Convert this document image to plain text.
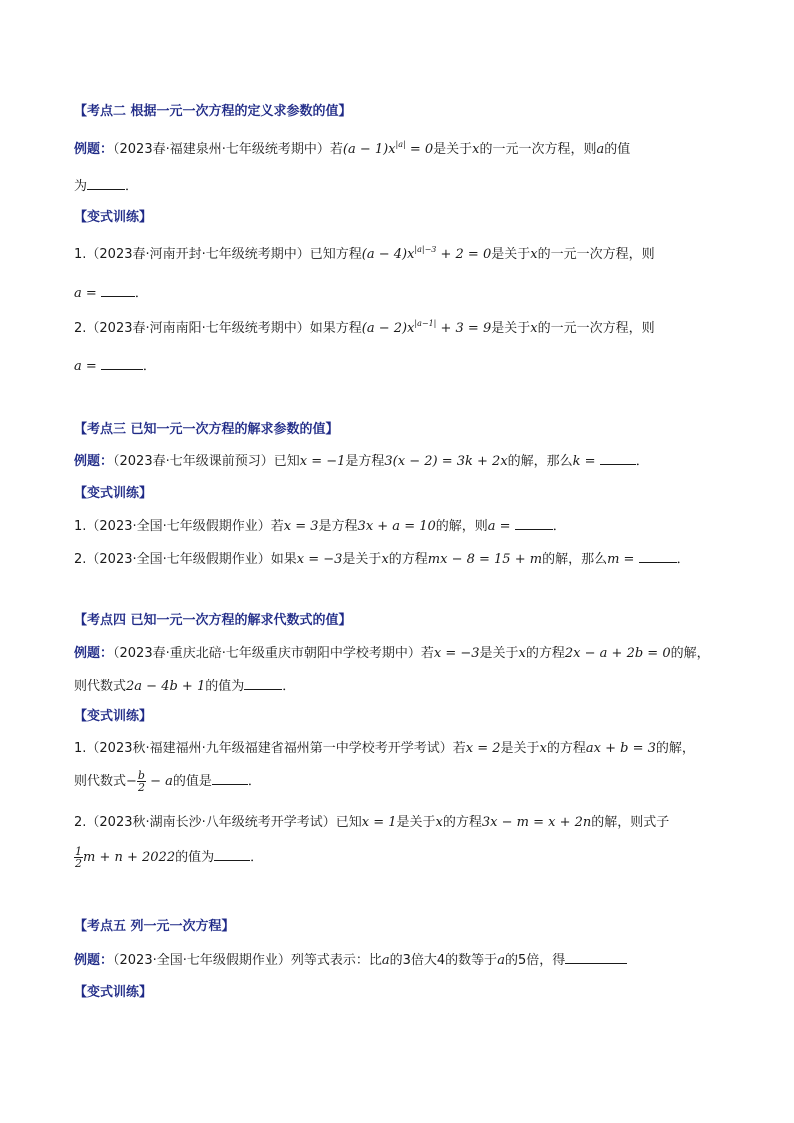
【考点二 根据一元一次方程的定义求参数的值】
例题：（2023春·福建泉州·七年级统考期中）若$(a - 1)x^{|a|} = 0$是关于x的一元一次方程，则a的值
为	．
【变式训练】
1.（2023春·河南开封·七年级统考期中）已知方程$(a - 4)x^{|a|-3} + 2 = 0$是关于x的一元一次方程，则
a =	．
2.（2023春·河南南阳·七年级统考期中）如果方程$(a - 2)x^{|a-1|} + 3 = 9$是关于x的一元一次方程，则
a =	．
【考点三 已知一元一次方程的解求参数的值】
例题：（2023春·七年级课前预习）已知x = −1是方程3(x − 2) = 3k + 2x的解，那么k =	．
【变式训练】
1.（2023·全国·七年级假期作业）若x = 3是方程3x + a = 10的解，则a =	．
2.（2023·全国·七年级假期作业）如果x = −3是关于x的方程mx − 8 = 15 + m的解，那么m =	．
【考点四 已知一元一次方程的解求代数式的值】
例题：（2023春·重庆北碚·七年级重庆市朝阳中学校考期中）若x = −3是关于x的方程2x − a + 2b = 0的解，
则代数式2a − 4b + 1的值为	．
【变式训练】
1.（2023秋·福建福州·九年级福建省福州第一中学校考开学考试）若x = 2是关于x的方程ax + b = 3的解，
则代数式− $\frac{b}{2} - a$的值是	．
2.（2023秋·湖南长沙·八年级统考开学考试）已知x = 1是关于x的方程3x − m = x + 2n的解，则式子
$\frac{1}{2}$ m + n + 2022的值为	．
【考点五 列一元一次方程】
例题：（2023·全国·七年级假期作业）列等式表示：比a的3倍大4的数等于a的5倍，得
【变式训练】
